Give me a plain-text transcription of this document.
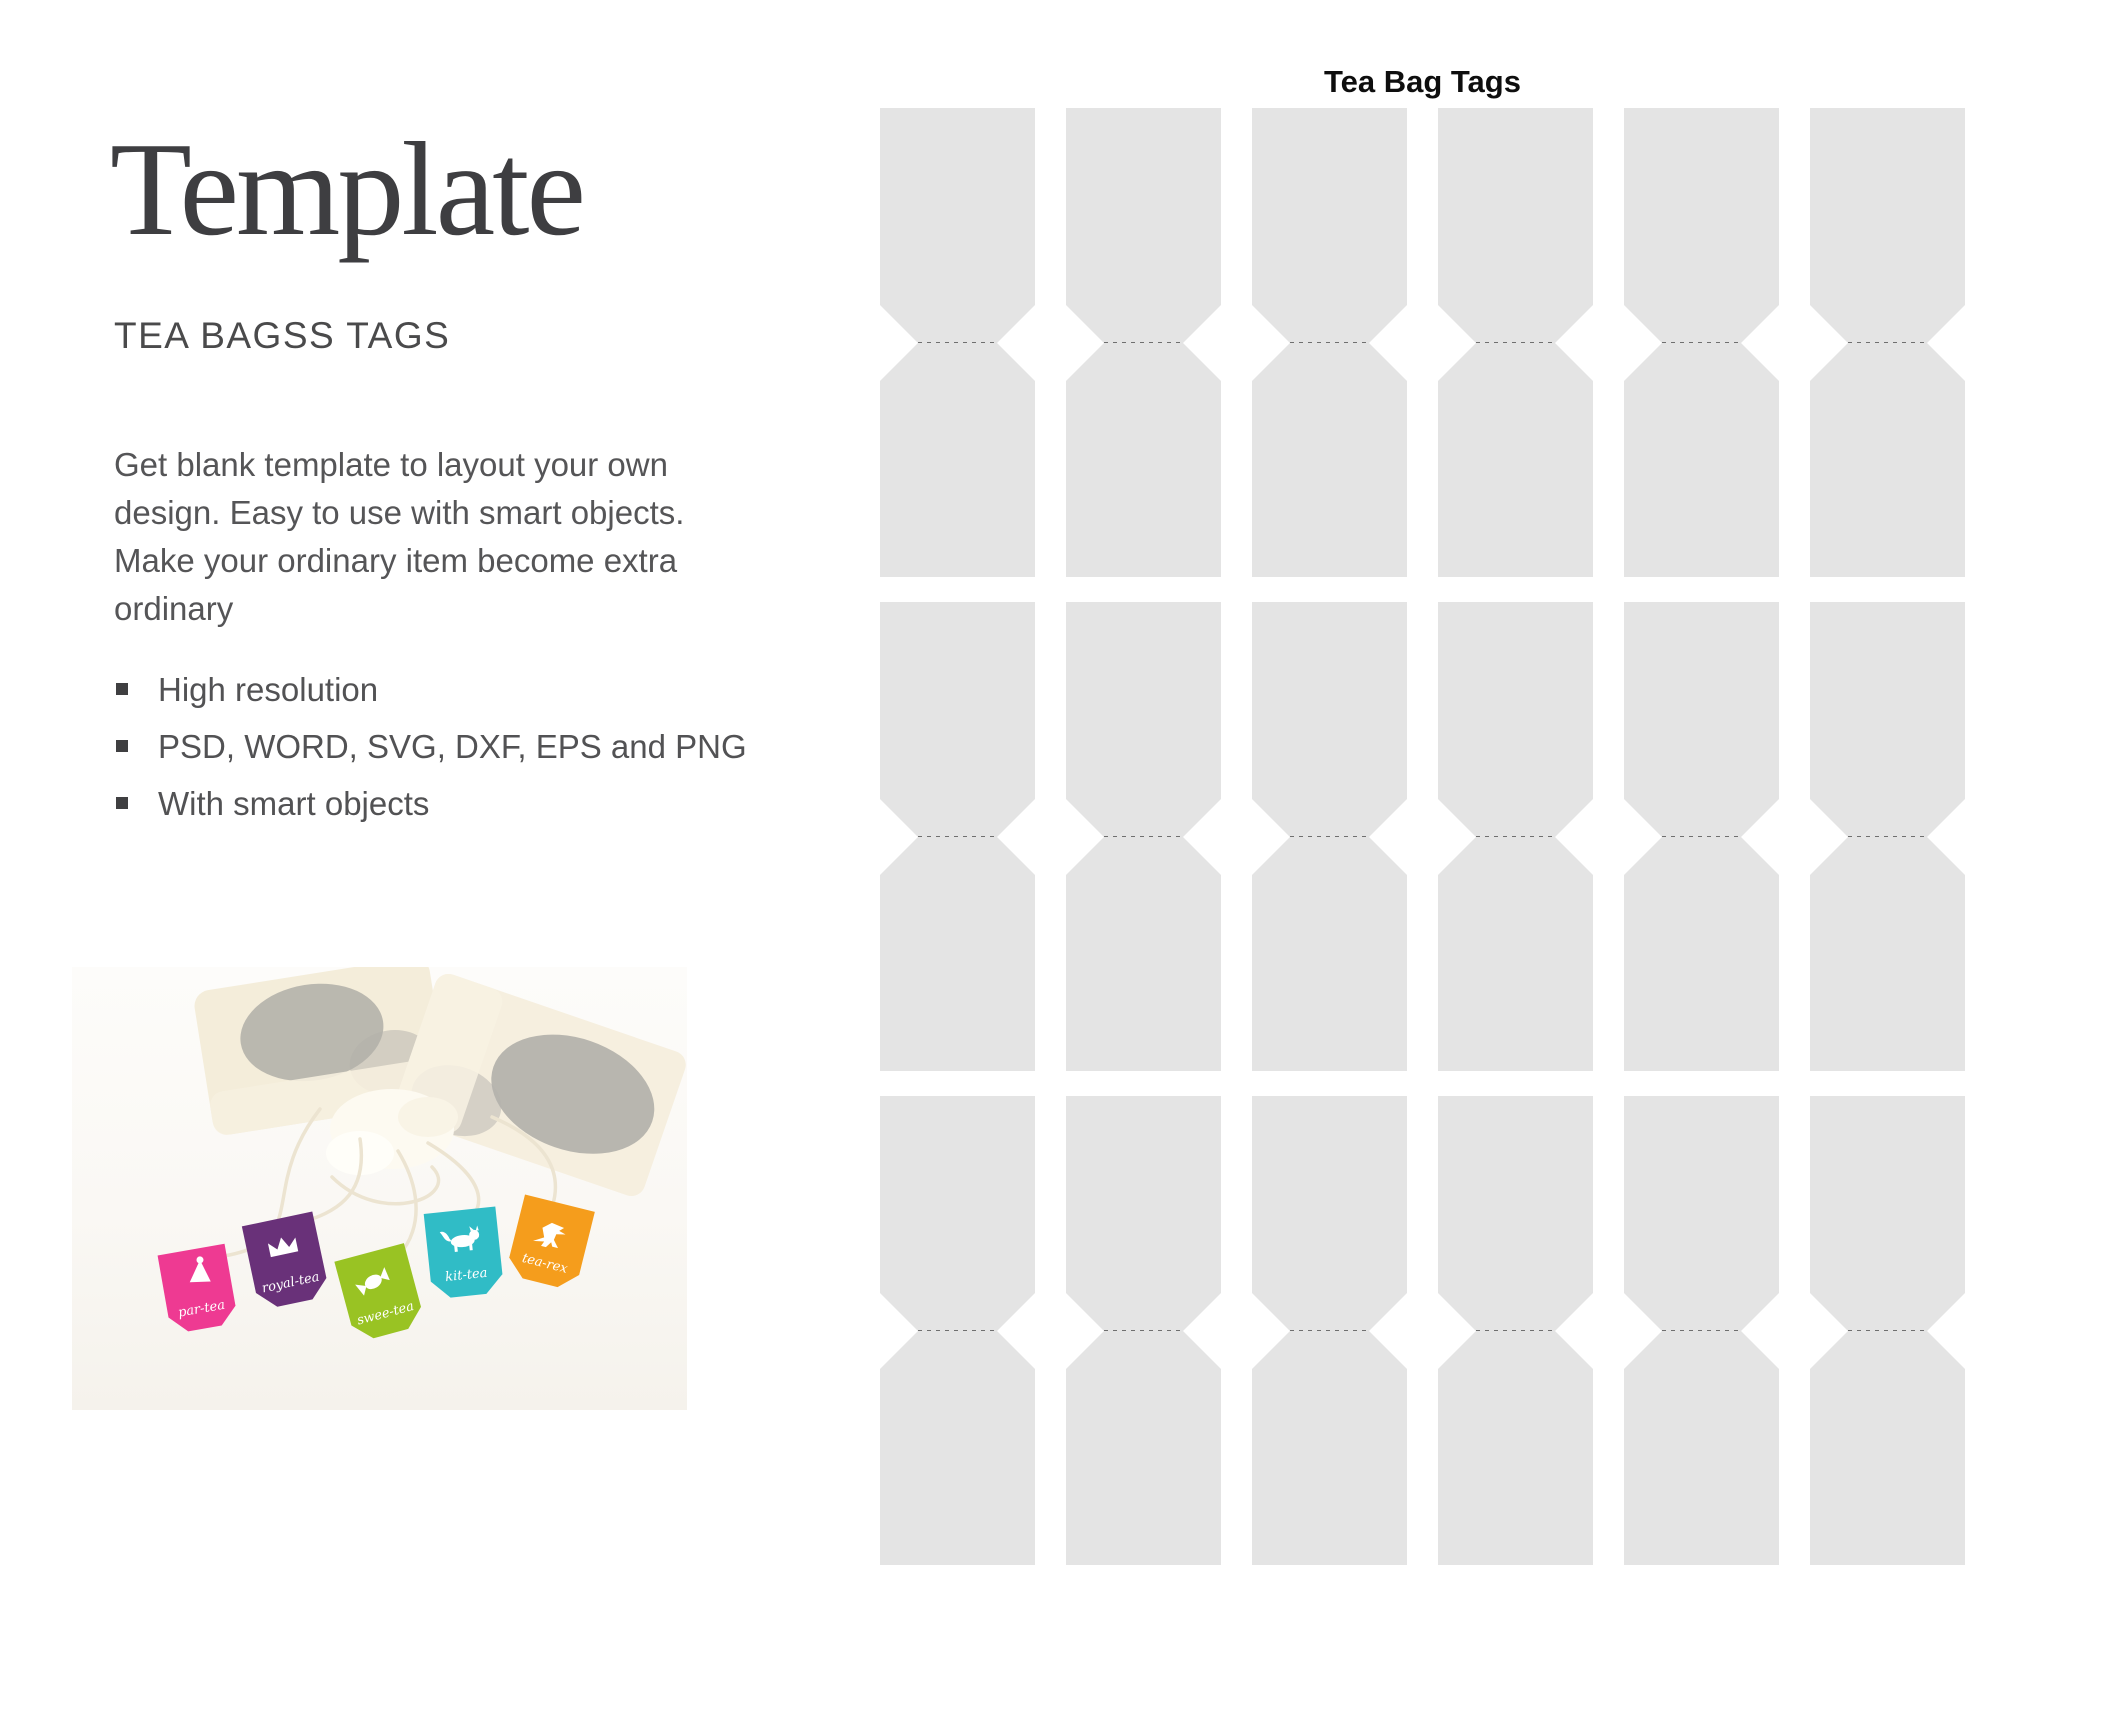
Template
TEA BAGSS TAGS
Get blank template to layout your own
design. Easy to use with smart objects.
Make your ordinary item become extra
ordinary
High resolution
PSD, WORD, SVG, DXF, EPS and PNG
With smart objects
par-tea
royal-tea
swee-tea
kit-tea tea-rex
Tea Bag Tags
